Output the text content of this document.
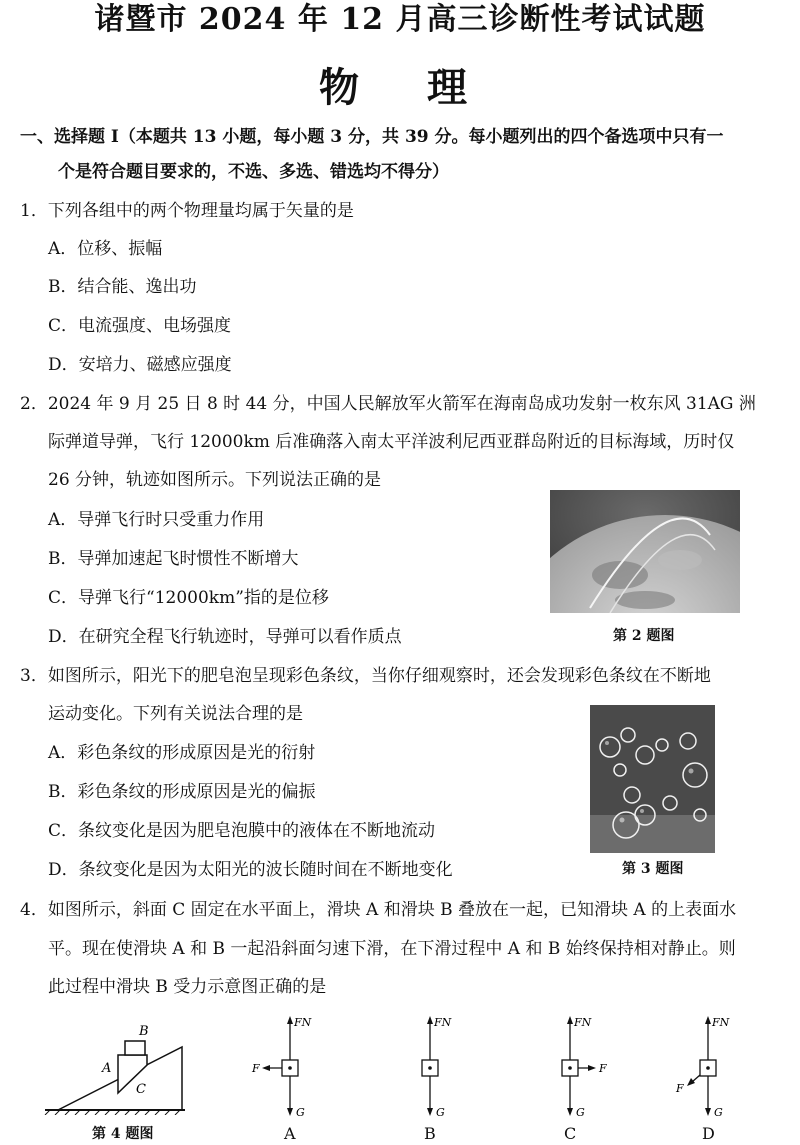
诸暨市 2024 年 12 月高三诊断性考试试题
物　理
一、选择题 I（本题共 13 小题，每小题 3 分，共 39 分。每小题列出的四个备选项中只有一
个是符合题目要求的，不选、多选、错选均不得分）
1．下列各组中的两个物理量均属于矢量的是
A．位移、振幅
B．结合能、逸出功
C．电流强度、电场强度
D．安培力、磁感应强度
2．2024 年 9 月 25 日 8 时 44 分，中国人民解放军火箭军在海南岛成功发射一枚东风 31AG 洲
际弹道导弹，飞行 12000km 后准确落入南太平洋波利尼西亚群岛附近的目标海域，历时仅
26 分钟，轨迹如图所示。下列说法正确的是
A．导弹飞行时只受重力作用
B．导弹加速起飞时惯性不断增大
C．导弹飞行“12000km”指的是位移
D．在研究全程飞行轨迹时，导弹可以看作质点	第 2 题图
3．如图所示，阳光下的肥皂泡呈现彩色条纹，当你仔细观察时，还会发现彩色条纹在不断地
运动变化。下列有关说法合理的是
A．彩色条纹的形成原因是光的衍射
B．彩色条纹的形成原因是光的偏振
C．条纹变化是因为肥皂泡膜中的液体在不断地流动
D．条纹变化是因为太阳光的波长随时间在不断地变化	第 3 题图
4．如图所示，斜面 C 固定在水平面上，滑块 A 和滑块 B 叠放在一起，已知滑块 A 的上表面水
平。现在使滑块 A 和 B 一起沿斜面匀速下滑，在下滑过程中 A 和 B 始终保持相对静止。则
此过程中滑块 B 受力示意图正确的是
B
A
C
第 4 题图
FN
G
F
A
FN
G
B
FN
G
F
C
FN
G
F
D
